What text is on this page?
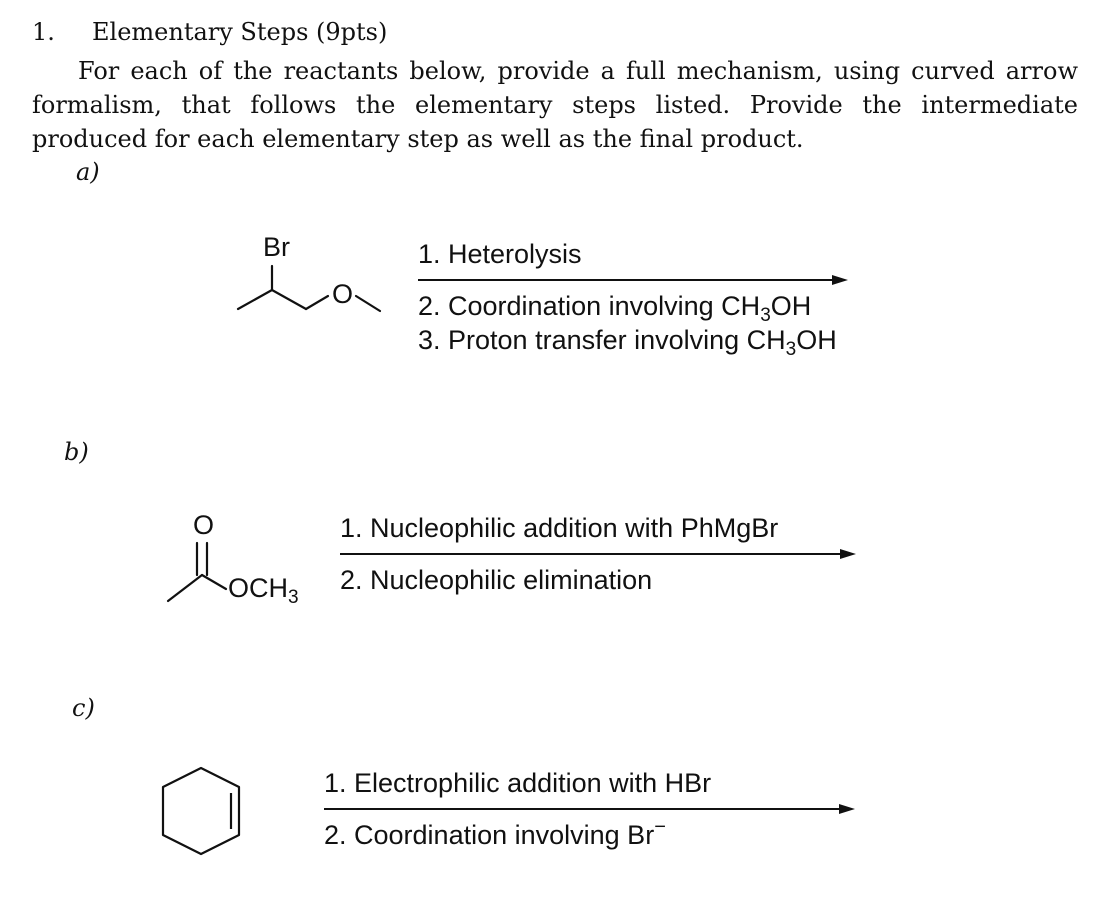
1. Elementary Steps (9pts)
For each of the reactants below, provide a full mechanism, using curved arrow formalism, that follows the elementary steps listed. Provide the intermediate produced for each elementary step as well as the final product.
a)
Br
O
1. Heterolysis
2. Coordination involving $CH_3OH$
3. Proton transfer involving $CH_3OH$
b)
O
$OCH_3$
1. Nucleophilic addition with PhMgBr
2. Nucleophilic elimination
c)
1. Electrophilic addition with HBr
2. Coordination involving Br−
